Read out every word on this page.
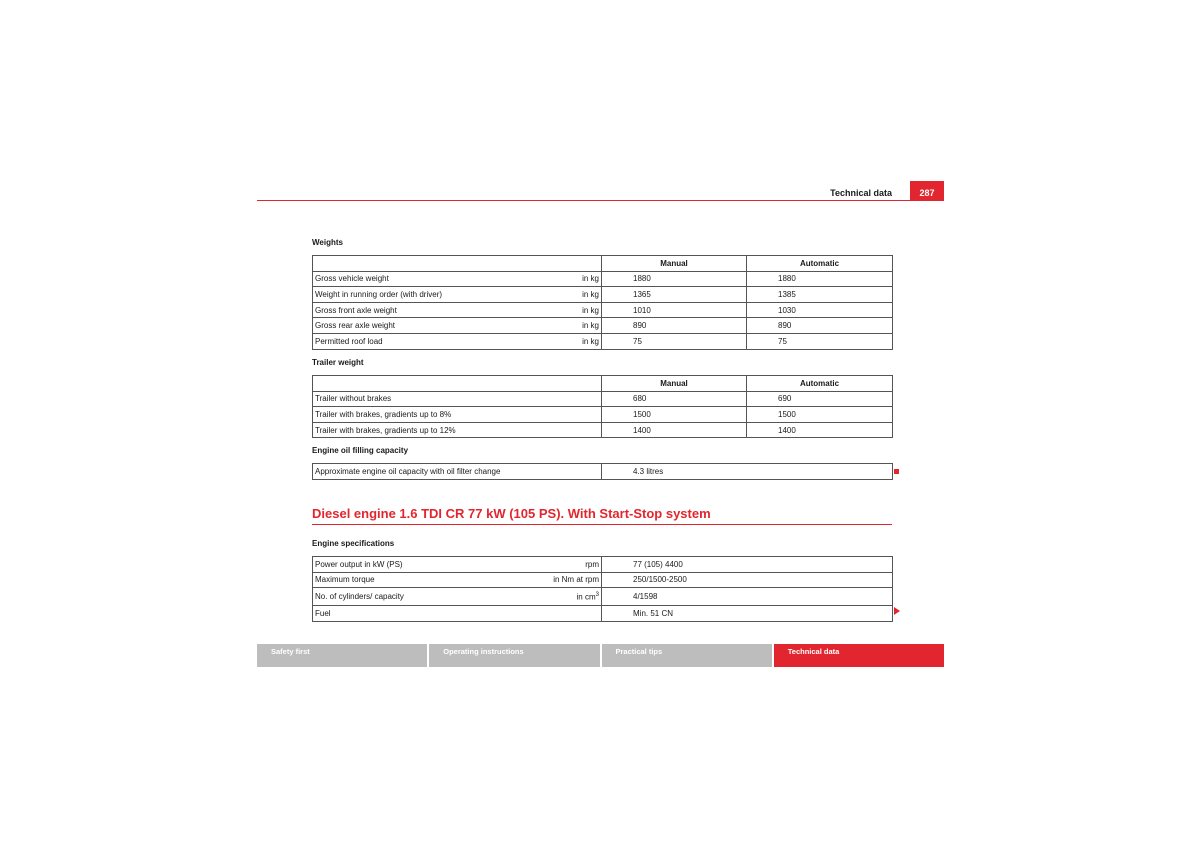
Technical data	287
Weights
	Manual	Automatic

Gross vehicle weight in kg	1880	1880

Weight in running order (with driver) in kg	1365	1385

Gross front axle weight in kg	1010	1030

Gross rear axle weight in kg	890	890

Permitted roof load in kg	75	75
Trailer weight
	Manual	Automatic

Trailer without brakes	680	690

Trailer with brakes, gradients up to 8%	1500	1500

Trailer with brakes, gradients up to 12%	1400	1400
Engine oil filling capacity
Approximate engine oil capacity with oil filter change	4.3 litres
Diesel engine 1.6 TDI CR 77 kW (105 PS). With Start-Stop system
Engine specifications
Power output in kW (PS) rpm	77 (105) 4400

Maximum torque in Nm at rpm	250/1500-2500

No. of cylinders/ capacity in $cm^3$	4/1598

Fuel	Min. 51 CN
Safety first	Operating instructions	Practical tips	Technical data
